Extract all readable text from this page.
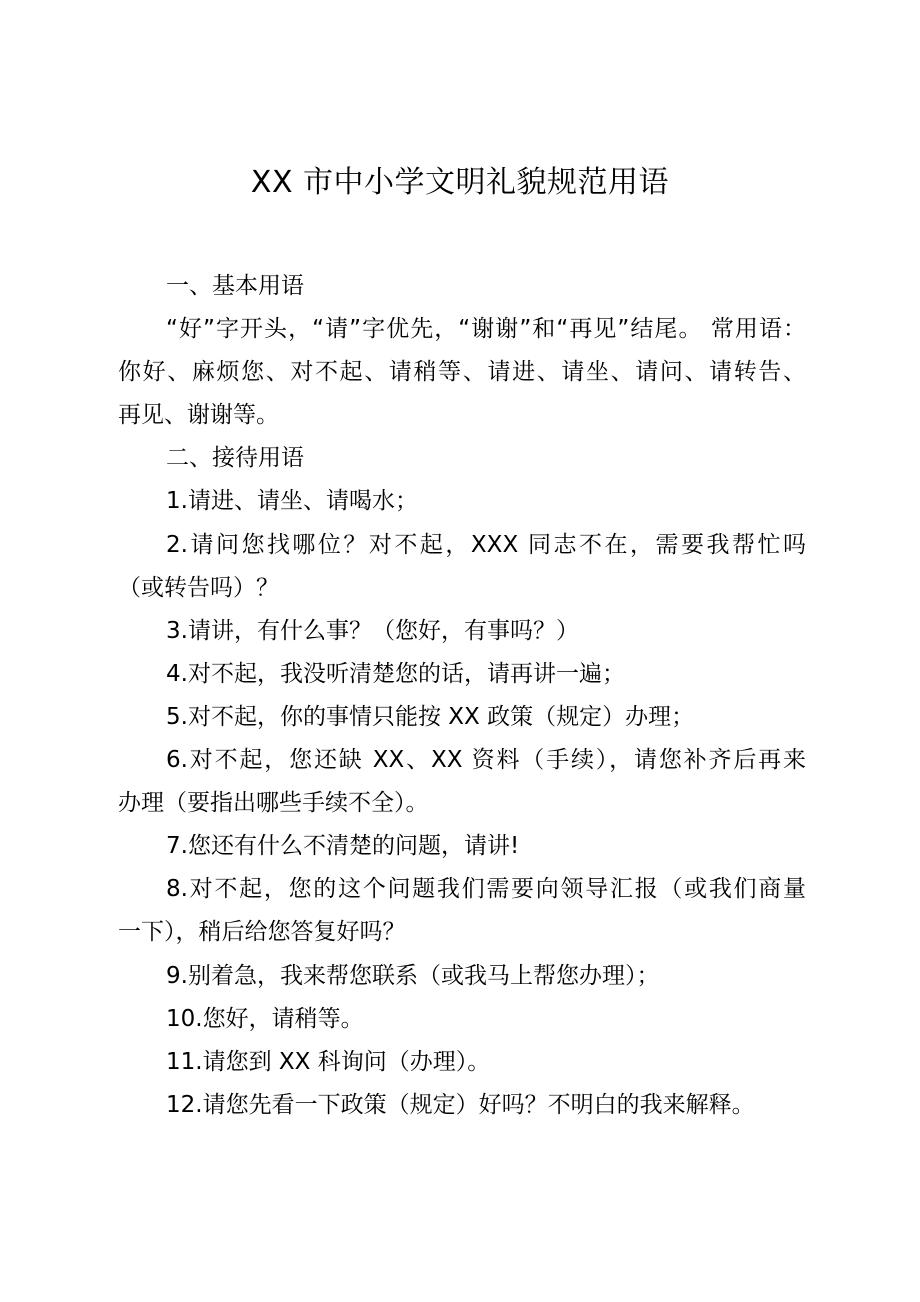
XX 市中小学文明礼貌规范用语
一、基本用语
“好”字开头，“请”字优先，“谢谢”和“再见”结尾。 常用语：
你好、麻烦您、对不起、请稍等、请进、请坐、请问、请转告、
再见、谢谢等。
二、接待用语
1.请进、请坐、请喝水；
2.请问您找哪位？对不起，XXX 同志不在，需要我帮忙吗
（或转告吗）？
3.请讲，有什么事？（您好，有事吗？）
4.对不起，我没听清楚您的话，请再讲一遍；
5.对不起，你的事情只能按 XX 政策（规定）办理；
6.对不起，您还缺 XX、XX 资料（手续），请您补齐后再来
办理（要指出哪些手续不全）。
7.您还有什么不清楚的问题，请讲!
8.对不起，您的这个问题我们需要向领导汇报（或我们商量
一下），稍后给您答复好吗？
9.别着急，我来帮您联系（或我马上帮您办理）；
10.您好，请稍等。
11.请您到 XX 科询问（办理）。
12.请您先看一下政策（规定）好吗？不明白的我来解释。
